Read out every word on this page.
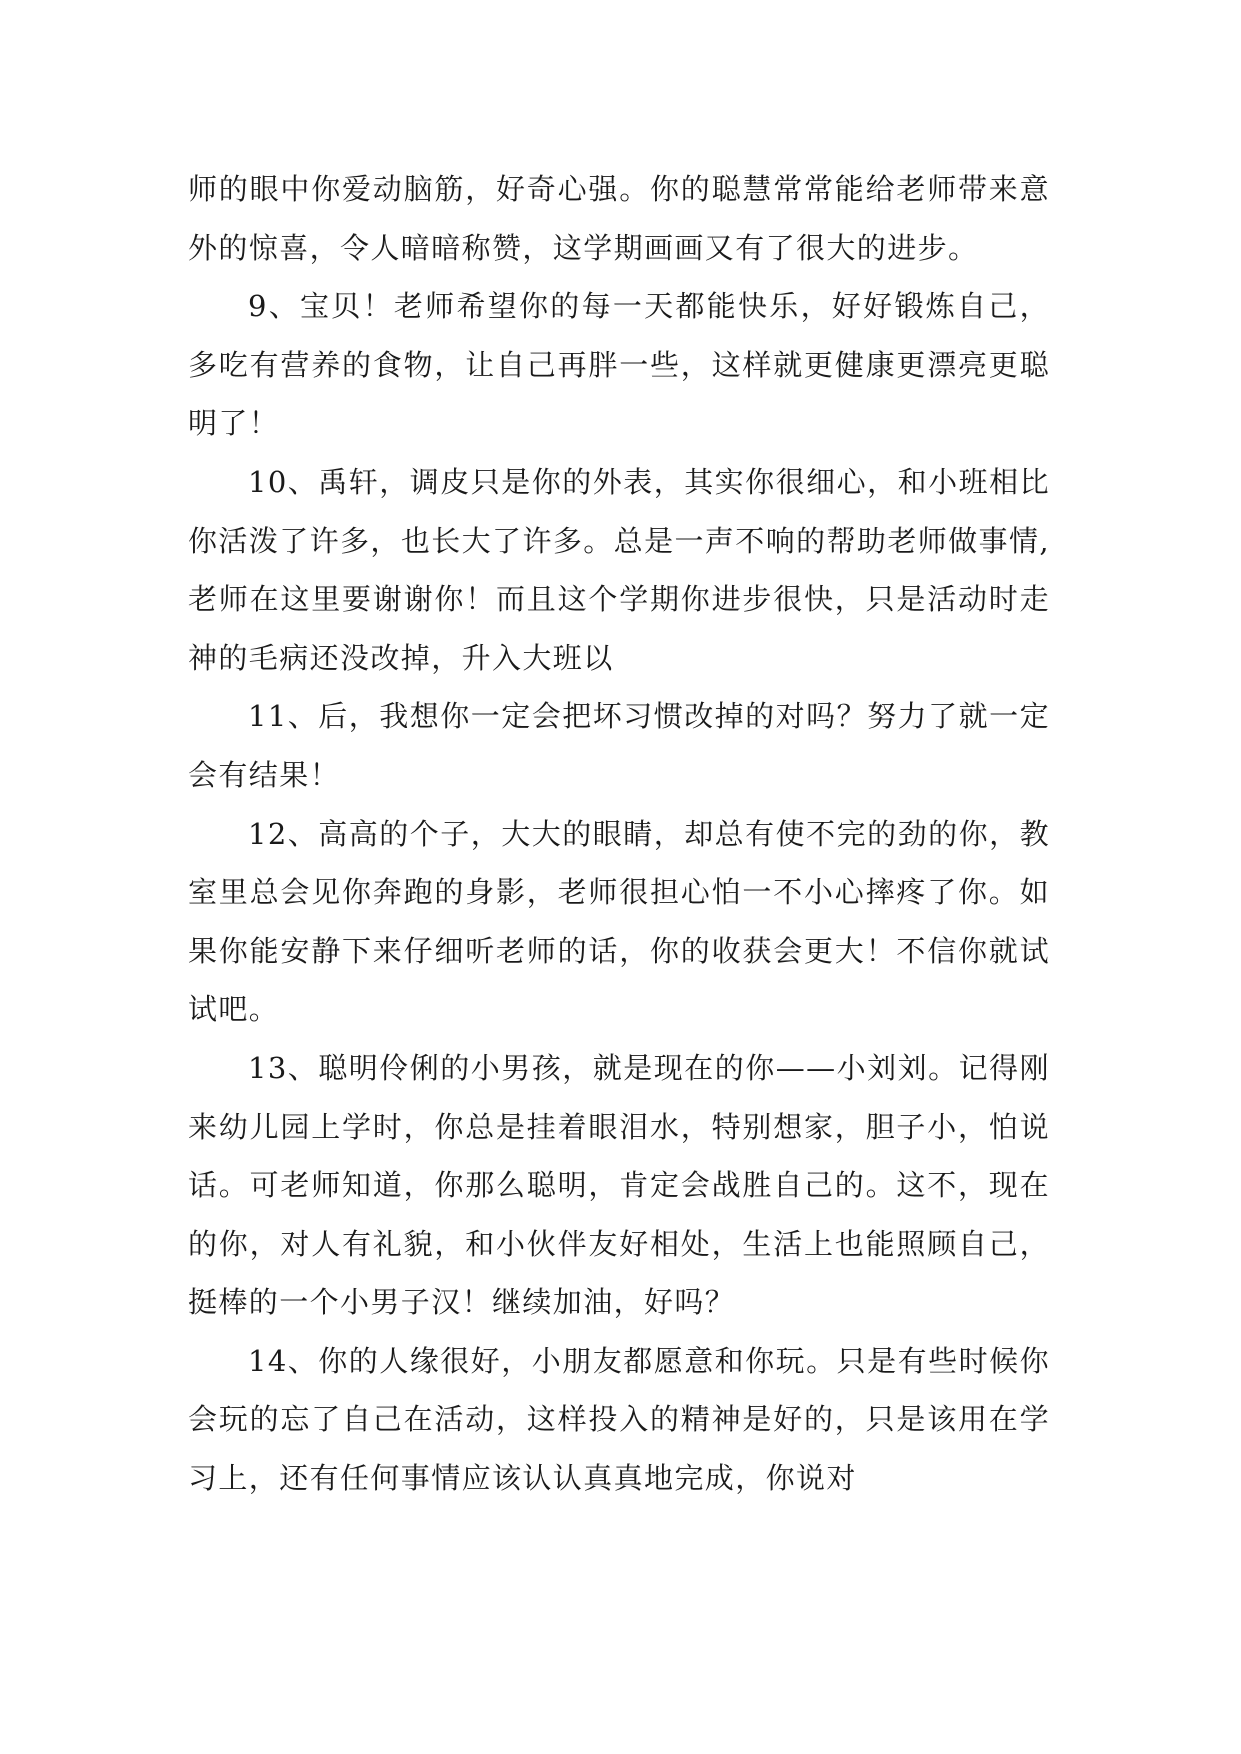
师的眼中你爱动脑筋，好奇心强。你的聪慧常常能给老师带来意外的惊喜，令人暗暗称赞，这学期画画又有了很大的进步。

9、宝贝！老师希望你的每一天都能快乐，好好锻炼自己，多吃有营养的食物，让自己再胖一些，这样就更健康更漂亮更聪明了！

10、禹轩，调皮只是你的外表，其实你很细心，和小班相比你活泼了许多，也长大了许多。总是一声不响的帮助老师做事情,老师在这里要谢谢你！而且这个学期你进步很快，只是活动时走神的毛病还没改掉，升入大班以

11、后，我想你一定会把坏习惯改掉的对吗？努力了就一定会有结果！

12、高高的个子，大大的眼睛，却总有使不完的劲的你，教室里总会见你奔跑的身影，老师很担心怕一不小心摔疼了你。如果你能安静下来仔细听老师的话，你的收获会更大！不信你就试试吧。

13、聪明伶俐的小男孩，就是现在的你——小刘刘。记得刚来幼儿园上学时，你总是挂着眼泪水，特别想家，胆子小，怕说话。可老师知道，你那么聪明，肯定会战胜自己的。这不，现在的你，对人有礼貌，和小伙伴友好相处，生活上也能照顾自己，挺棒的一个小男子汉！继续加油，好吗？

14、你的人缘很好，小朋友都愿意和你玩。只是有些时候你会玩的忘了自己在活动，这样投入的精神是好的，只是该用在学习上，还有任何事情应该认认真真地完成，你说对
